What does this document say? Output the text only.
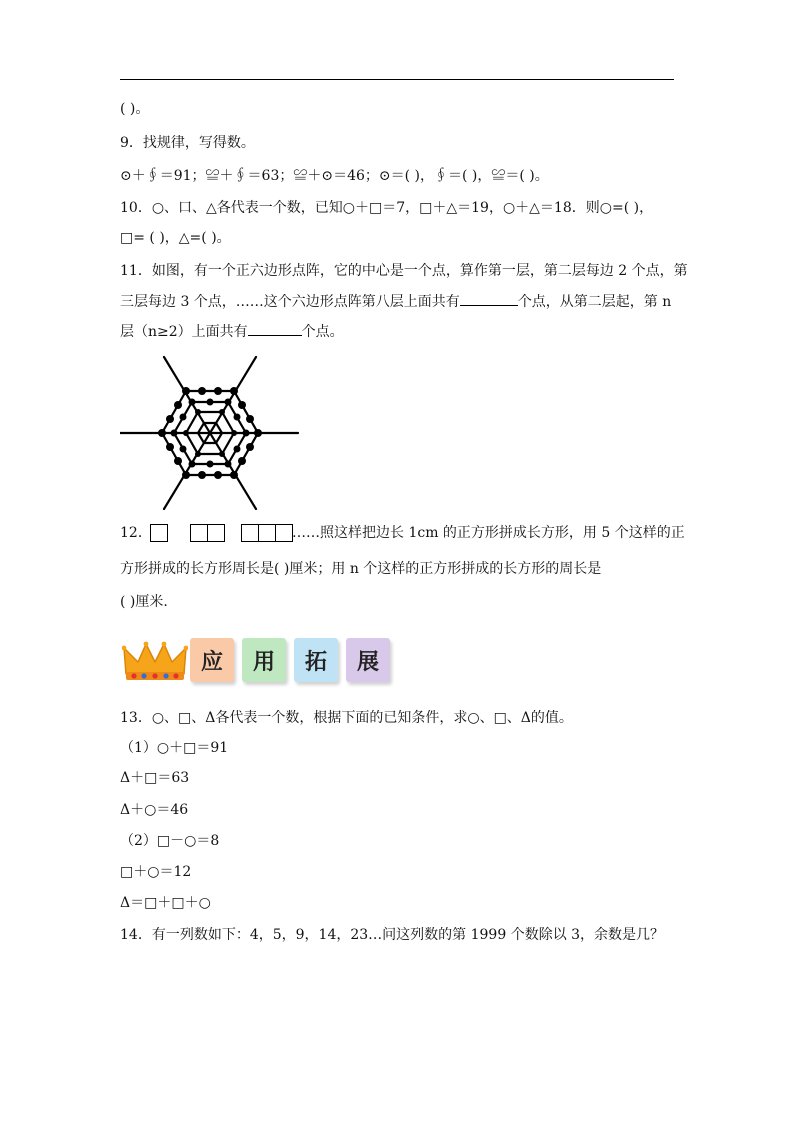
( )。
9．找规律，写得数。
⊙＋∮＝91；≌＋∮＝63；≌＋⊙＝46；⊙＝( )，∮＝( )，≌＝( )。
10．○、口、△各代表一个数，已知○＋□＝7，□＋△＝19，○＋△＝18．则○=( )，
□= ( )，△=( )。
11．如图，有一个正六边形点阵，它的中心是一个点，算作第一层，第二层每边 2 个点，第
三层每边 3 个点，……这个六边形点阵第八层上面共有	个点，从第二层起，第 n
层（n≥2）上面共有	个点。
12．	……照这样把边长 1cm 的正方形拼成长方形，用 5 个这样的正
方形拼成的长方形周长是( )厘米；用 n 个这样的正方形拼成的长方形的周长是
( )厘米.
应	用	拓	展
13．○、□、Δ各代表一个数，根据下面的已知条件，求○、□、Δ的值。
（1）○＋□＝91
Δ＋□＝63
Δ＋○＝46
（2）□－○＝8
□＋○＝12
Δ＝□＋□＋○
14．有一列数如下：4，5，9，14，23…问这列数的第 1999 个数除以 3，余数是几？
